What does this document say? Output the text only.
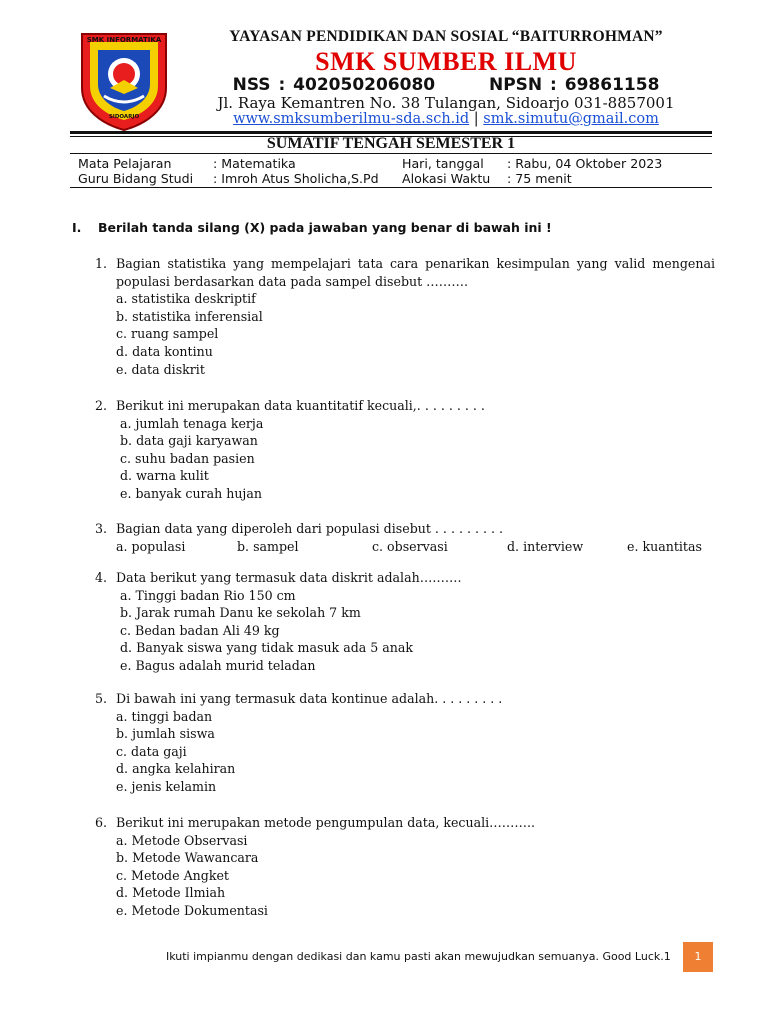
SMK INFORMATIKA
SIDOARJO
YAYASAN PENDIDIKAN DAN SOSIAL “BAITURROHMAN”
SMK SUMBER ILMU
NSS : 402050206080	NPSN : 69861158
Jl. Raya Kemantren No. 38 Tulangan, Sidoarjo 031-8857001
www.smksumberilmu-sda.sch.id | smk.simutu@gmail.com
SUMATIF TENGAH SEMESTER 1
Mata Pelajaran	: Matematika	Hari, tanggal : Rabu, 04 Oktober 2023
Guru Bidang Studi : Imroh Atus Sholicha,S.Pd Alokasi Waktu : 75 menit
I. Berilah tanda silang (X) pada jawaban yang benar di bawah ini !
1. Bagian statistika yang mempelajari tata cara penarikan kesimpulan yang valid mengenai populasi berdasarkan data pada sampel disebut ……….
a. statistika deskriptif
b. statistika inferensial
c. ruang sampel
d. data kontinu
e. data diskrit
2. Berikut ini merupakan data kuantitatif kecuali,. . . . . . . . .
a. jumlah tenaga kerja
b. data gaji karyawan
c. suhu badan pasien
d. warna kulit
e. banyak curah hujan
3. Bagian data yang diperoleh dari populasi disebut . . . . . . . . .
a. populasi	b. sampel	c. observasi	d. interview	e. kuantitas
4. Data berikut yang termasuk data diskrit adalah……….
a. Tinggi badan Rio 150 cm
b. Jarak rumah Danu ke sekolah 7 km
c. Bedan badan Ali 49 kg
d. Banyak siswa yang tidak masuk ada 5 anak
e. Bagus adalah murid teladan
5. Di bawah ini yang termasuk data kontinue adalah. . . . . . . . .
a. tinggi badan
b. jumlah siswa
c. data gaji
d. angka kelahiran
e. jenis kelamin
6. Berikut ini merupakan metode pengumpulan data, kecuali………..
a. Metode Observasi
b. Metode Wawancara
c. Metode Angket
d. Metode Ilmiah
e. Metode Dokumentasi
Ikuti impianmu dengan dedikasi dan kamu pasti akan mewujudkan semuanya. Good Luck.1	1
